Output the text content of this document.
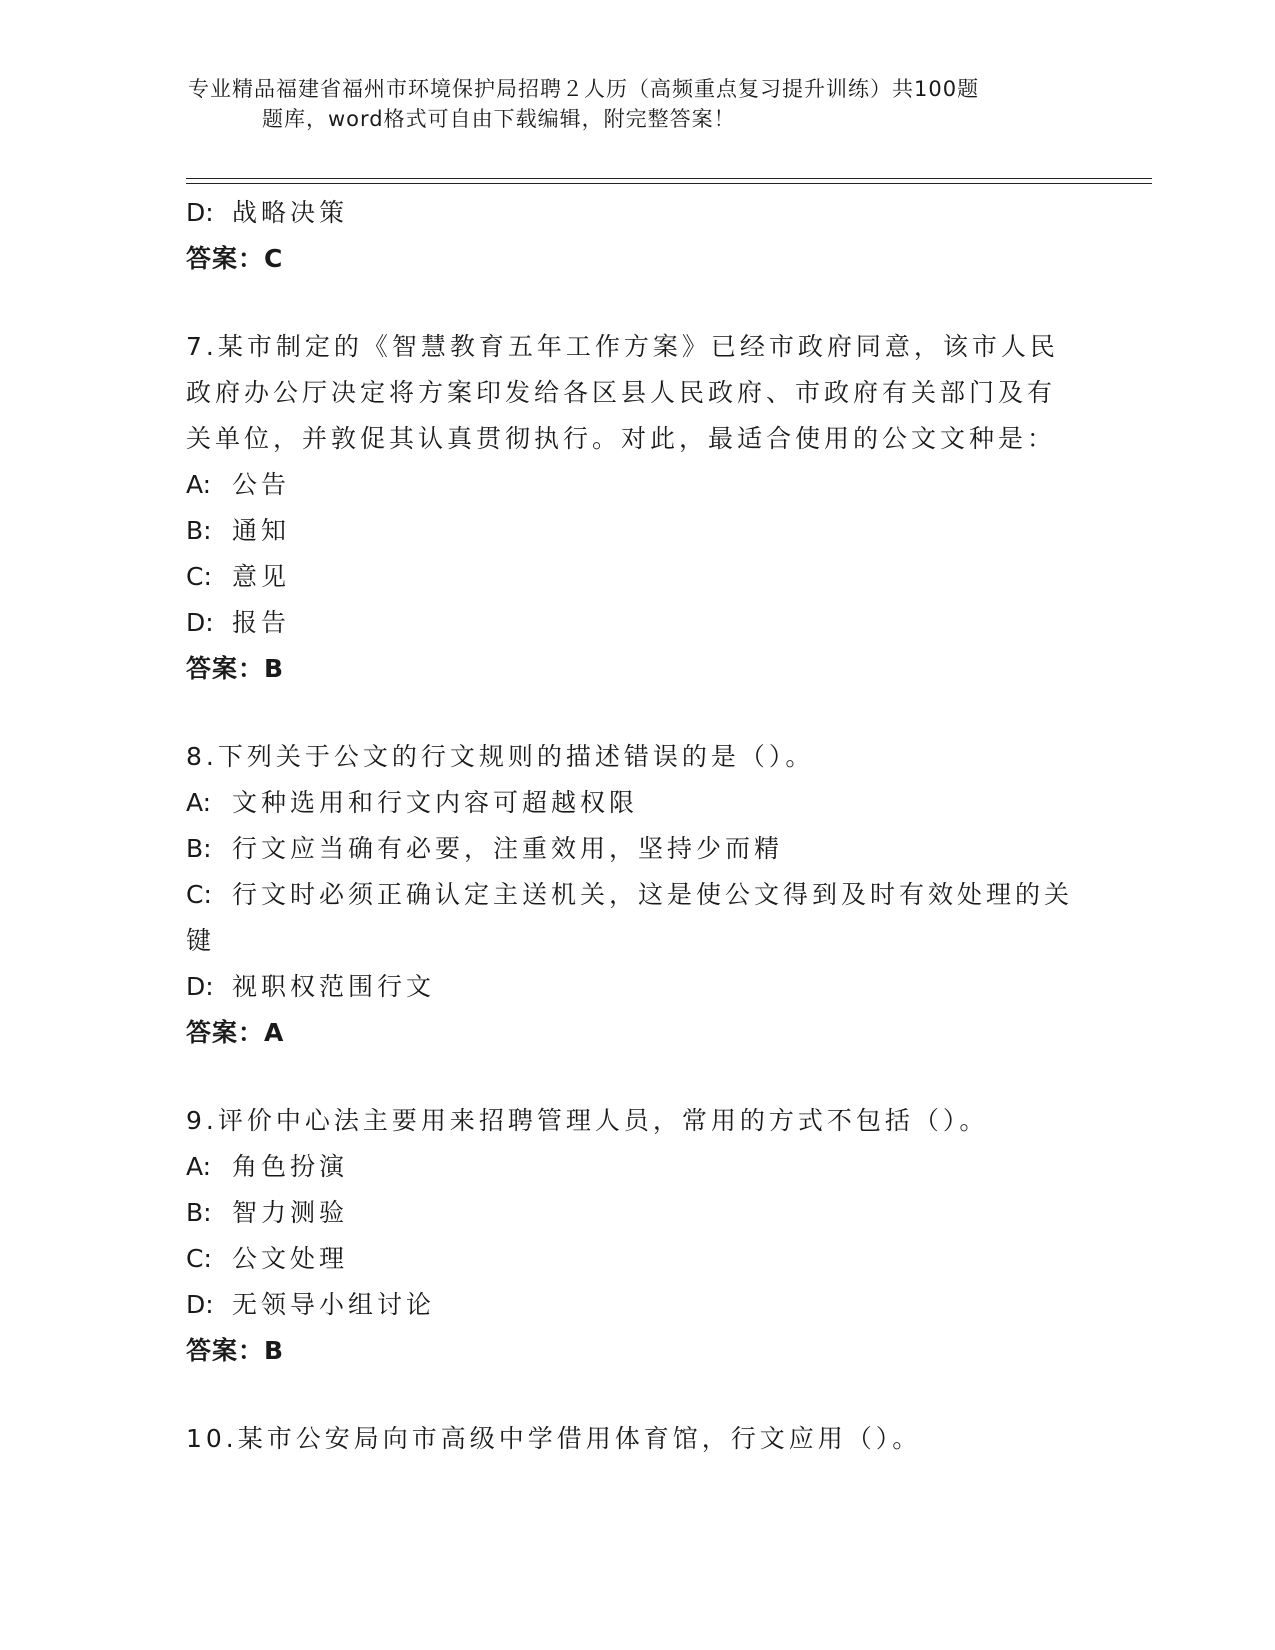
专业精品福建省福州市环境保护局招聘２人历（高频重点复习提升训练）共100题
题库，word格式可自由下载编辑，附完整答案！
D: 战略决策
答案：C
7.某市制定的《智慧教育五年工作方案》已经市政府同意，该市人民
政府办公厅决定将方案印发给各区县人民政府、市政府有关部门及有
关单位，并敦促其认真贯彻执行。对此，最适合使用的公文文种是：
A: 公告
B: 通知
C: 意见
D: 报告
答案：B
8.下列关于公文的行文规则的描述错误的是（）。
A: 文种选用和行文内容可超越权限
B: 行文应当确有必要，注重效用，坚持少而精
C: 行文时必须正确认定主送机关，这是使公文得到及时有效处理的关
键
D: 视职权范围行文
答案：A
9.评价中心法主要用来招聘管理人员，常用的方式不包括（）。
A: 角色扮演
B: 智力测验
C: 公文处理
D: 无领导小组讨论
答案：B
10.某市公安局向市高级中学借用体育馆，行文应用（）。
